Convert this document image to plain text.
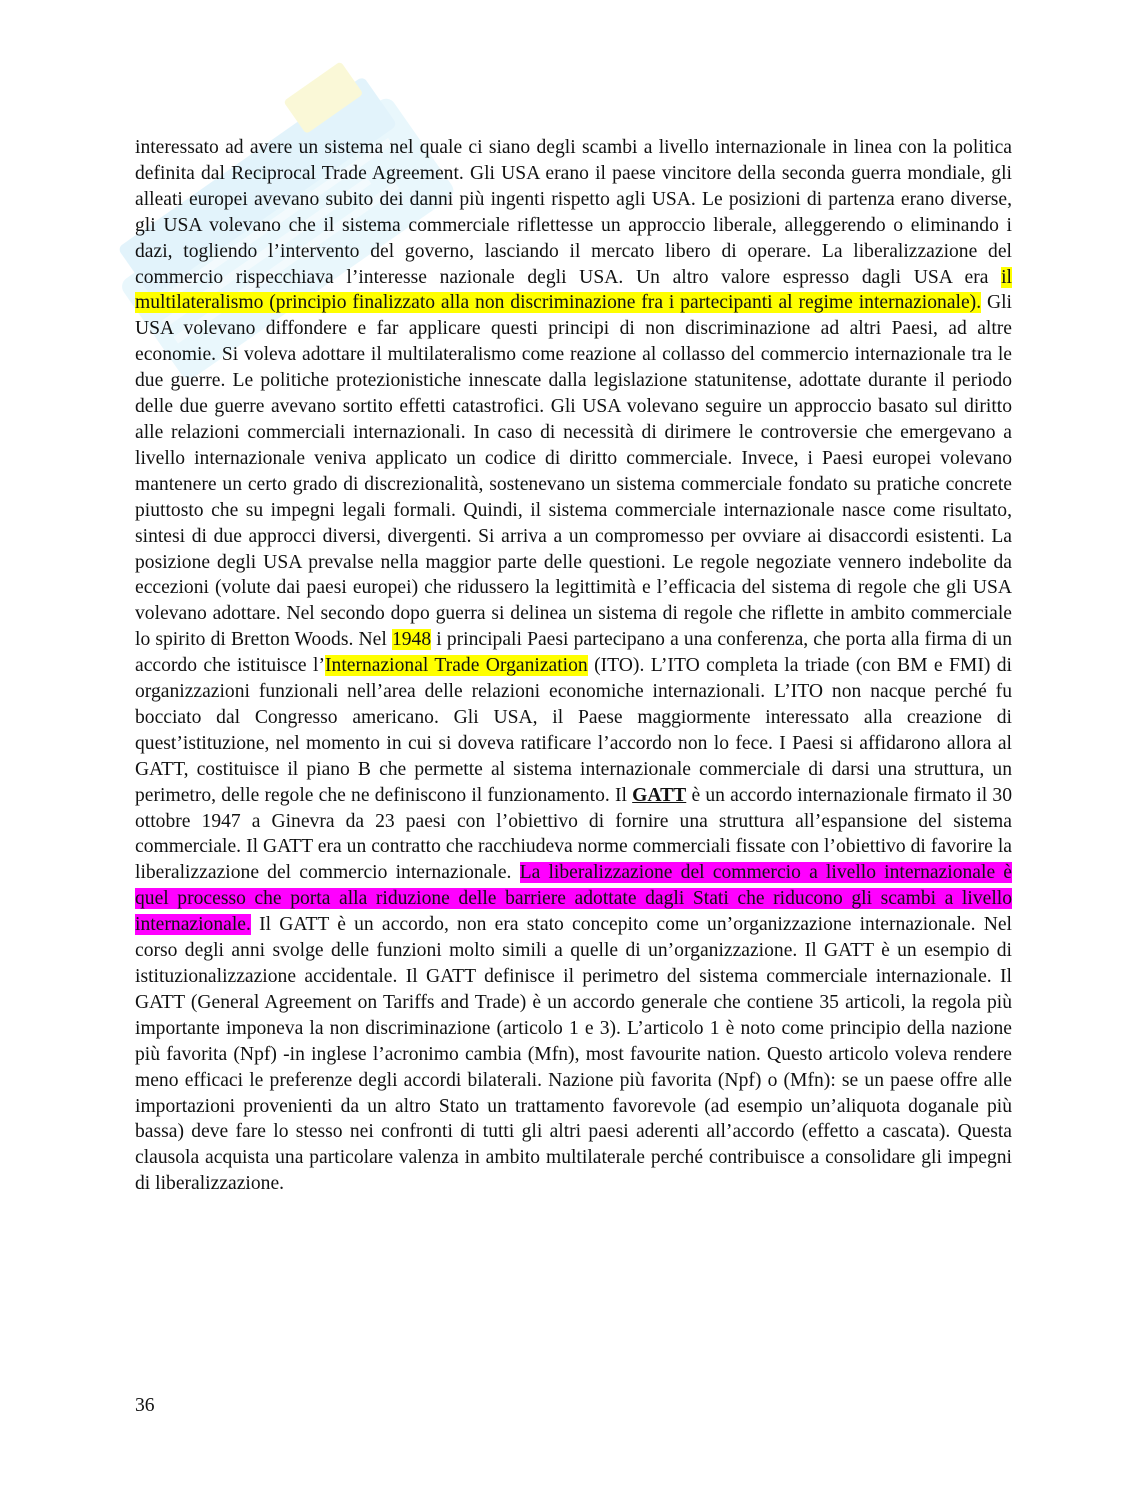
interessato ad avere un sistema nel quale ci siano degli scambi a livello internazionale in linea con la politica definita dal Reciprocal Trade Agreement. Gli USA erano il paese vincitore della seconda guerra mondiale, gli alleati europei avevano subito dei danni più ingenti rispetto agli USA. Le posizioni di partenza erano diverse, gli USA volevano che il sistema commerciale riflettesse un approccio liberale, alleggerendo o eliminando i dazi, togliendo l’intervento del governo, lasciando il mercato libero di operare. La liberalizzazione del commercio rispecchiava l’interesse nazionale degli USA. Un altro valore espresso dagli USA era il multilateralismo (principio finalizzato alla non discriminazione fra i partecipanti al regime internazionale). Gli USA volevano diffondere e far applicare questi principi di non discriminazione ad altri Paesi, ad altre economie. Si voleva adottare il multilateralismo come reazione al collasso del commercio internazionale tra le due guerre. Le politiche protezionistiche innescate dalla legislazione statunitense, adottate durante il periodo delle due guerre avevano sortito effetti catastrofici. Gli USA volevano seguire un approccio basato sul diritto alle relazioni commerciali internazionali. In caso di necessità di dirimere le controversie che emergevano a livello internazionale veniva applicato un codice di diritto commerciale. Invece, i Paesi europei volevano mantenere un certo grado di discrezionalità, sostenevano un sistema commerciale fondato su pratiche concrete piuttosto che su impegni legali formali. Quindi, il sistema commerciale internazionale nasce come risultato, sintesi di due approcci diversi, divergenti. Si arriva a un compromesso per ovviare ai disaccordi esistenti. La posizione degli USA prevalse nella maggior parte delle questioni. Le regole negoziate vennero indebolite da eccezioni (volute dai paesi europei) che ridussero la legittimità e l’efficacia del sistema di regole che gli USA volevano adottare. Nel secondo dopo guerra si delinea un sistema di regole che riflette in ambito commerciale lo spirito di Bretton Woods. Nel 1948 i principali Paesi partecipano a una conferenza, che porta alla firma di un accordo che istituisce l’Internazional Trade Organization (ITO). L’ITO completa la triade (con BM e FMI) di organizzazioni funzionali nell’area delle relazioni economiche internazionali. L’ITO non nacque perché fu bocciato dal Congresso americano. Gli USA, il Paese maggiormente interessato alla creazione di quest’istituzione, nel momento in cui si doveva ratificare l’accordo non lo fece. I Paesi si affidarono allora al GATT, costituisce il piano B che permette al sistema internazionale commerciale di darsi una struttura, un perimetro, delle regole che ne definiscono il funzionamento. Il GATT è un accordo internazionale firmato il 30 ottobre 1947 a Ginevra da 23 paesi con l’obiettivo di fornire una struttura all’espansione del sistema commerciale. Il GATT era un contratto che racchiudeva norme commerciali fissate con l’obiettivo di favorire la liberalizzazione del commercio internazionale. La liberalizzazione del commercio a livello internazionale è quel processo che porta alla riduzione delle barriere adottate dagli Stati che riducono gli scambi a livello internazionale. Il GATT è un accordo, non era stato concepito come un’organizzazione internazionale. Nel corso degli anni svolge delle funzioni molto simili a quelle di un’organizzazione. Il GATT è un esempio di istituzionalizzazione accidentale. Il GATT definisce il perimetro del sistema commerciale internazionale. Il GATT (General Agreement on Tariffs and Trade) è un accordo generale che contiene 35 articoli, la regola più importante imponeva la non discriminazione (articolo 1 e 3). L’articolo 1 è noto come principio della nazione più favorita (Npf) -in inglese l’acronimo cambia (Mfn), most favourite nation. Questo articolo voleva rendere meno efficaci le preferenze degli accordi bilaterali. Nazione più favorita (Npf) o (Mfn): se un paese offre alle importazioni provenienti da un altro Stato un trattamento favorevole (ad esempio un’aliquota doganale più bassa) deve fare lo stesso nei confronti di tutti gli altri paesi aderenti all’accordo (effetto a cascata). Questa clausola acquista una particolare valenza in ambito multilaterale perché contribuisce a consolidare gli impegni di liberalizzazione.
36
